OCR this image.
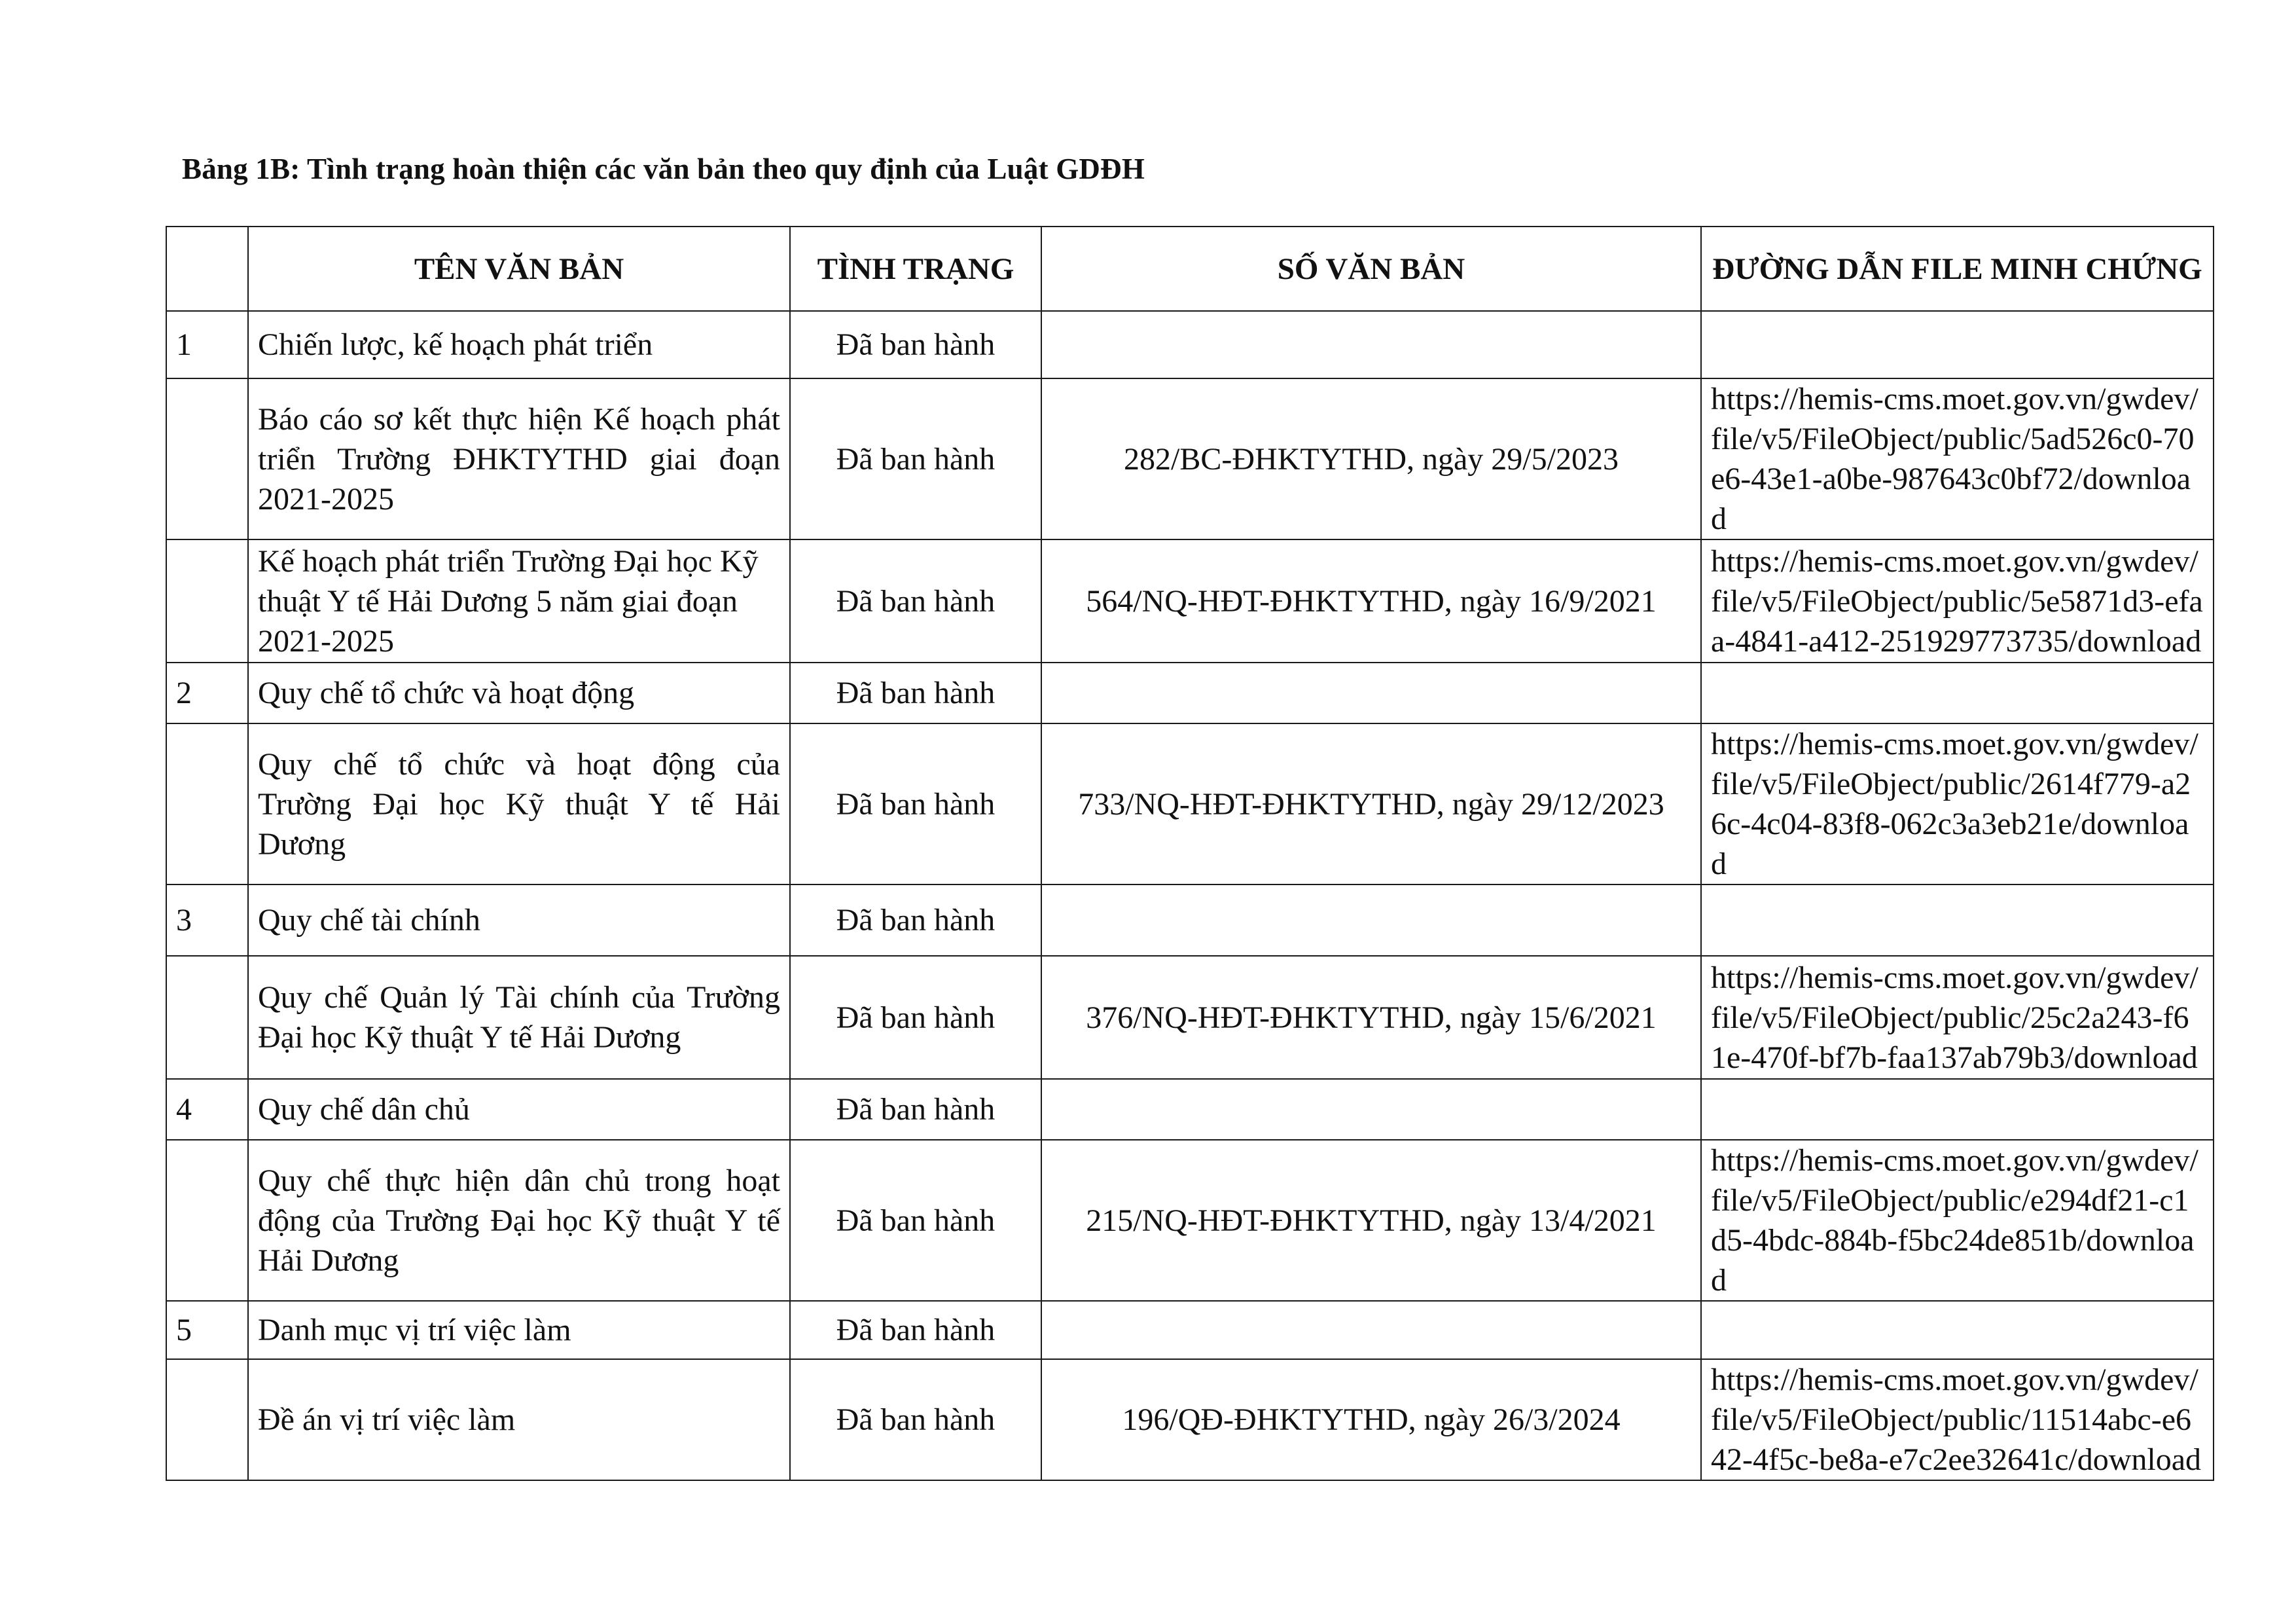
Bảng 1B: Tình trạng hoàn thiện các văn bản theo quy định của Luật GDĐH
	TÊN VĂN BẢN	TÌNH TRẠNG	SỐ VĂN BẢN	ĐƯỜNG DẪN FILE MINH CHỨNG
1	Chiến lược, kế hoạch phát triển	Đã ban hành		
	Báo cáo sơ kết thực hiện Kế hoạch phát triển Trường ĐHKTYTHD giai đoạn 2021-2025	Đã ban hành	282/BC-ĐHKTYTHD, ngày 29/5/2023	https://hemis-cms.moet.gov.vn/gwdev/file/v5/FileObject/public/5ad526c0-70e6-43e1-a0be-987643c0bf72/download
	Kế hoạch phát triển Trường Đại học Kỹ thuật Y tế Hải Dương 5 năm giai đoạn 2021-2025	Đã ban hành	564/NQ-HĐT-ĐHKTYTHD, ngày 16/9/2021	https://hemis-cms.moet.gov.vn/gwdev/file/v5/FileObject/public/5e5871d3-efaa-4841-a412-251929773735/download
2	Quy chế tổ chức và hoạt động	Đã ban hành		
	Quy chế tổ chức và hoạt động của Trường Đại học Kỹ thuật Y tế Hải Dương	Đã ban hành	733/NQ-HĐT-ĐHKTYTHD, ngày 29/12/2023	https://hemis-cms.moet.gov.vn/gwdev/file/v5/FileObject/public/2614f779-a26c-4c04-83f8-062c3a3eb21e/download
3	Quy chế tài chính	Đã ban hành		
	Quy chế Quản lý Tài chính của Trường Đại học Kỹ thuật Y tế Hải Dương	Đã ban hành	376/NQ-HĐT-ĐHKTYTHD, ngày 15/6/2021	https://hemis-cms.moet.gov.vn/gwdev/file/v5/FileObject/public/25c2a243-f61e-470f-bf7b-faa137ab79b3/download
4	Quy chế dân chủ	Đã ban hành		
	Quy chế thực hiện dân chủ trong hoạt động của Trường Đại học Kỹ thuật Y tế Hải Dương	Đã ban hành	215/NQ-HĐT-ĐHKTYTHD, ngày 13/4/2021	https://hemis-cms.moet.gov.vn/gwdev/file/v5/FileObject/public/e294df21-c1d5-4bdc-884b-f5bc24de851b/download
5	Danh mục vị trí việc làm	Đã ban hành		
	Đề án vị trí việc làm	Đã ban hành	196/QĐ-ĐHKTYTHD, ngày 26/3/2024	https://hemis-cms.moet.gov.vn/gwdev/file/v5/FileObject/public/11514abc-e642-4f5c-be8a-e7c2ee32641c/download
